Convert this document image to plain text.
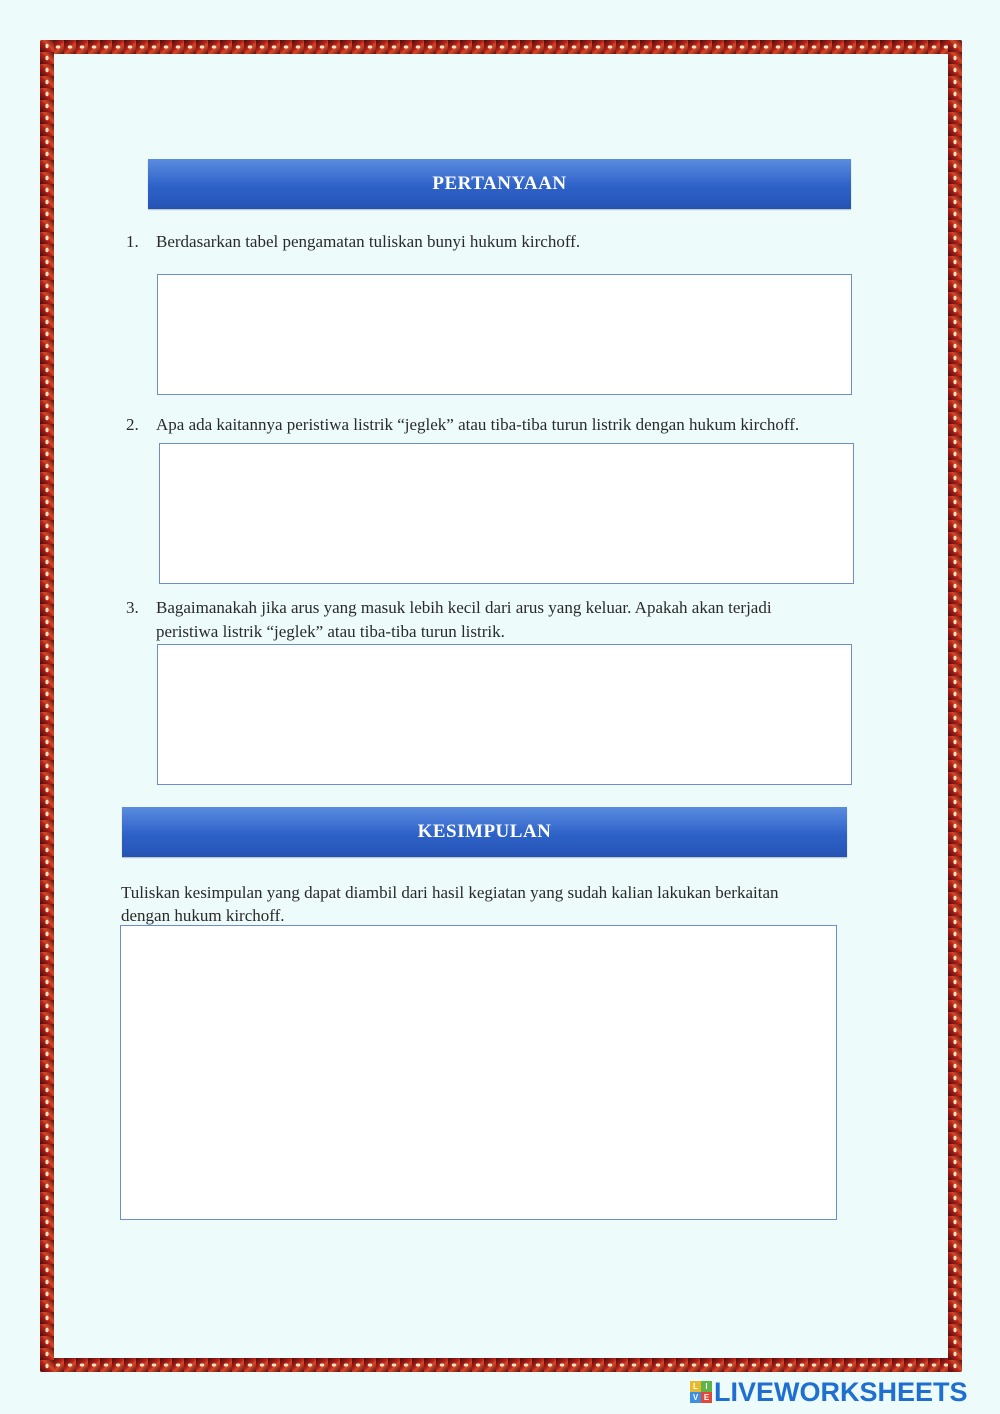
PERTANYAAN
1.	Berdasarkan tabel pengamatan tuliskan bunyi hukum kirchoff.
2.	Apa ada kaitannya peristiwa listrik “jeglek” atau tiba-tiba turun listrik dengan hukum kirchoff.
3.	Bagaimanakah jika arus yang masuk lebih kecil dari arus yang keluar. Apakah akan terjadi
peristiwa listrik “jeglek” atau tiba-tiba turun listrik.
KESIMPULAN
Tuliskan kesimpulan yang dapat diambil dari hasil kegiatan yang sudah kalian lakukan berkaitan
dengan hukum kirchoff.
L I
V E LIVEWORKSHEETS
